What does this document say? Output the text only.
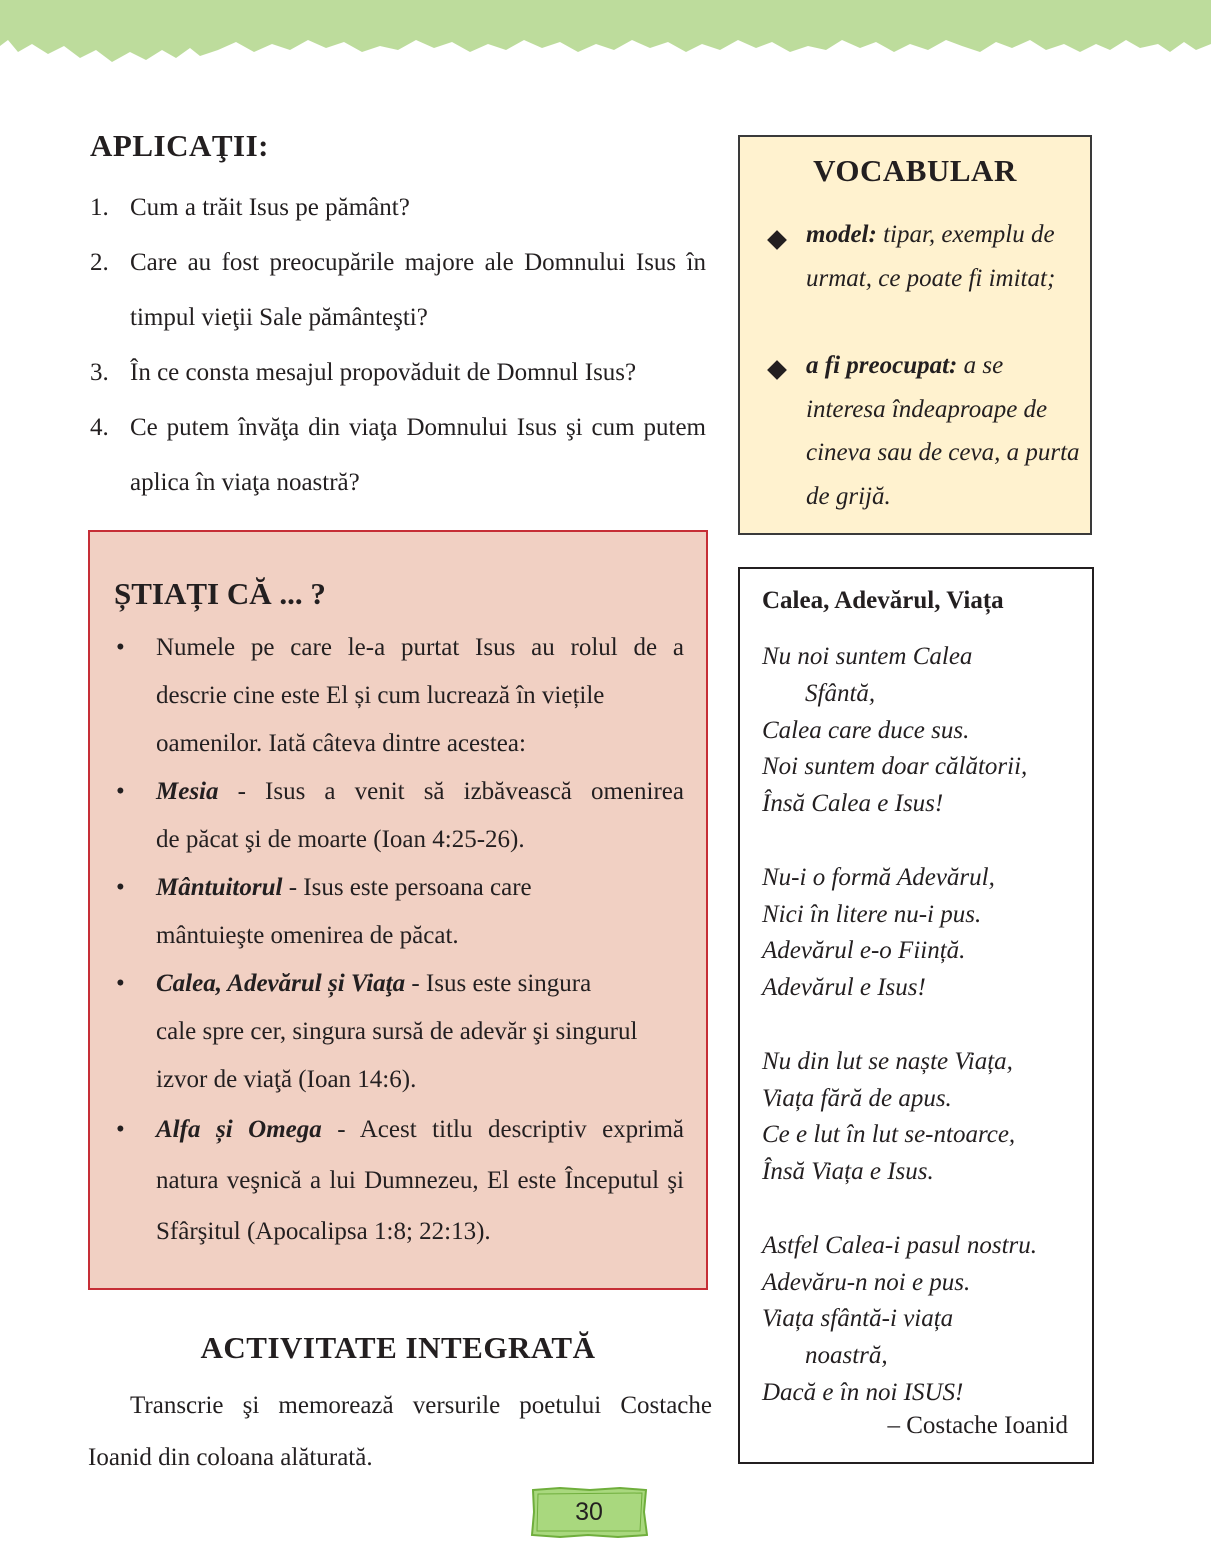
APLICAŢII:
1. Cum a trăit Isus pe pământ?
2. Care au fost preocupările majore ale Domnului Isus în timpul vieţii Sale pământeşti?
3. În ce consta mesajul propovăduit de Domnul Isus?
4. Ce putem învăţa din viaţa Domnului Isus şi cum putem aplica în viaţa noastră?
VOCABULAR
model: tipar, exemplu de urmat, ce poate fi imitat;
a fi preocupat: a se interesa îndeaproape de cineva sau de ceva, a purta de grijă.
ȘTIAȚI CĂ ... ?
• Numele pe care le-a purtat Isus au rolul de a
descrie cine este El și cum lucrează în viețile oamenilor. Iată câteva dintre acestea:
• Mesia - Isus a venit să izbăvească omenirea
de păcat şi de moarte (Ioan 4:25-26).
• Mântuitorul - Isus este persoana care
mântuieşte omenirea de păcat.
• Calea, Adevărul și Viaţa - Isus este singura
cale spre cer, singura sursă de adevăr şi singurul izvor de viaţă (Ioan 14:6).
• Alfa și Omega - Acest titlu descriptiv exprimă
natura veşnică a lui Dumnezeu, El este Începutul şi Sfârşitul (Apocalipsa 1:8; 22:13).
ACTIVITATE INTEGRATĂ
Transcrie şi memorează versurile poetului Costache
Ioanid din coloana alăturată.
Calea, Adevărul, Viața
Nu noi suntem Calea
Sfântă,
Calea care duce sus.
Noi suntem doar călătorii,
Însă Calea e Isus!
Nu-i o formă Adevărul,
Nici în litere nu-i pus.
Adevărul e-o Ființă.
Adevărul e Isus!
Nu din lut se naște Viața,
Viața fără de apus.
Ce e lut în lut se-ntoarce,
Însă Viața e Isus.
Astfel Calea-i pasul nostru.
Adevăru-n noi e pus.
Viața sfântă-i viața
noastră,
Dacă e în noi ISUS!
– Costache Ioanid
30
